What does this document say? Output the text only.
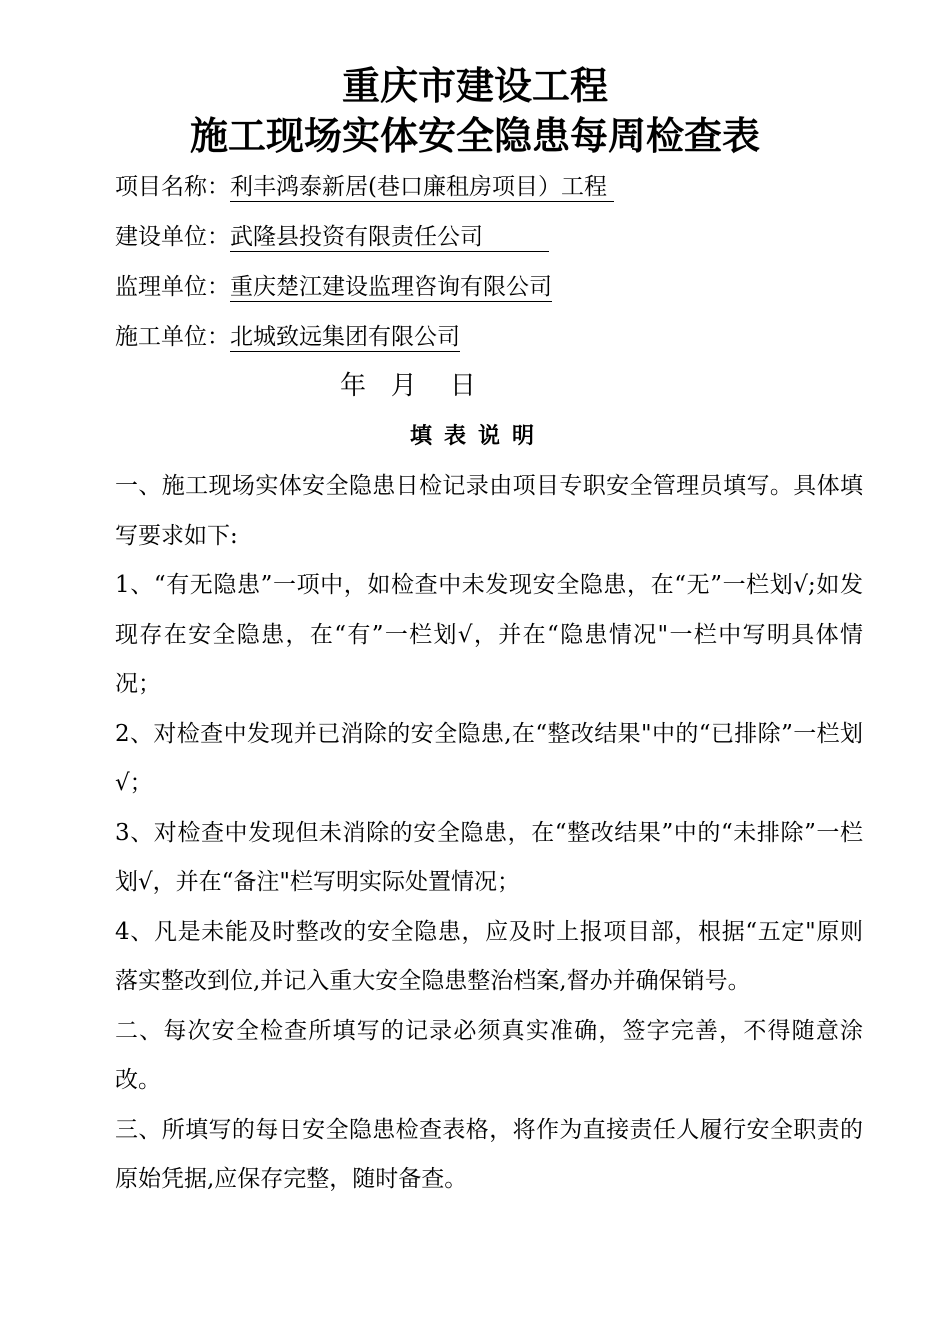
重庆市建设工程
施工现场实体安全隐患每周检查表
项目名称：利丰鸿泰新居(巷口廉租房项目）工程
建设单位：武隆县投资有限责任公司
监理单位：重庆楚江建设监理咨询有限公司
施工单位：北城致远集团有限公司
年   月    日
填表说明

一、施工现场实体安全隐患日检记录由项目专职安全管理员填写。具体填写要求如下:

1、“有无隐患”一项中，如检查中未发现安全隐患，在“无”一栏划√;如发现存在安全隐患，在“有”一栏划√，并在“隐患情况"一栏中写明具体情况；

2、对检查中发现并已消除的安全隐患,在“整改结果"中的“已排除”一栏划√；

3、对检查中发现但未消除的安全隐患，在“整改结果”中的“未排除”一栏划√，并在“备注"栏写明实际处置情况；

4、凡是未能及时整改的安全隐患，应及时上报项目部，根据“五定"原则落实整改到位,并记入重大安全隐患整治档案,督办并确保销号。

二、每次安全检查所填写的记录必须真实准确，签字完善，不得随意涂改。

三、所填写的每日安全隐患检查表格，将作为直接责任人履行安全职责的原始凭据,应保存完整，随时备查。
